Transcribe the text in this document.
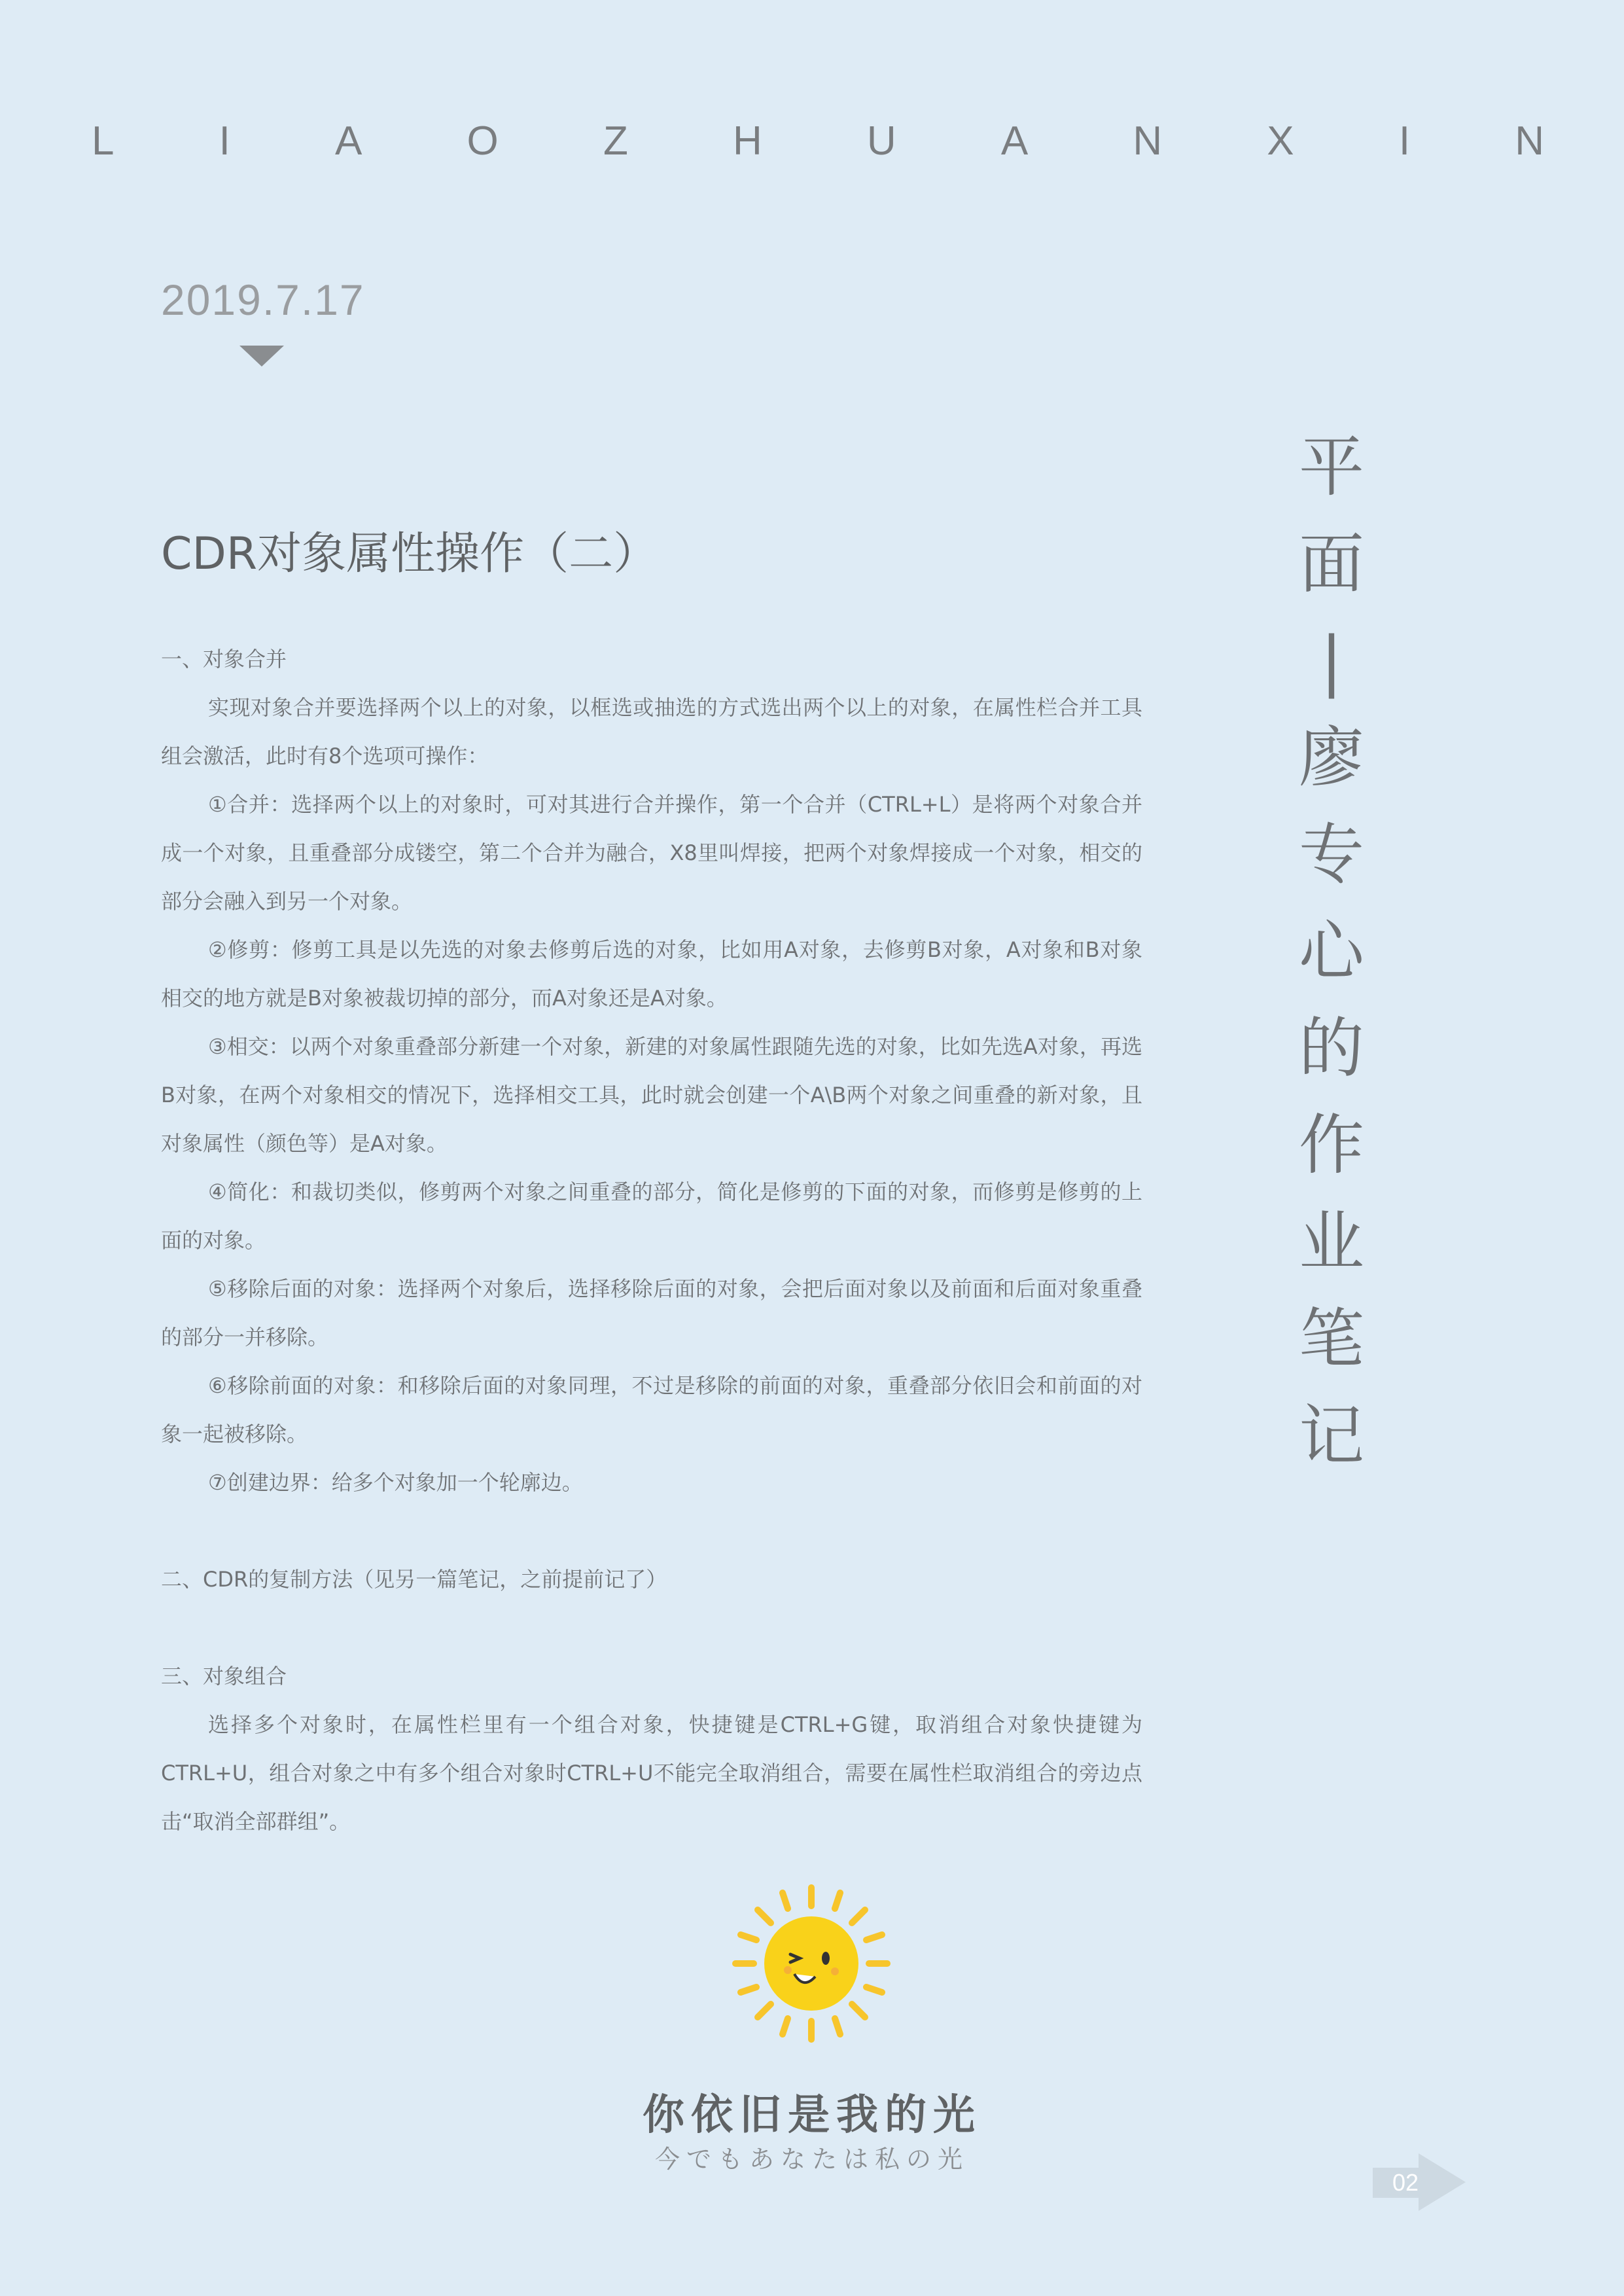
L	I	A	O	Z	H	U	A	N	X	I	N
2019.7.17
CDR对象属性操作（二）

一、对象合并

实现对象合并要选择两个以上的对象，以框选或抽选的方式选出两个以上的对象，在属性栏合并工具组会激活，此时有8个选项可操作：

①合并：选择两个以上的对象时，可对其进行合并操作，第一个合并（CTRL+L）是将两个对象合并成一个对象，且重叠部分成镂空，第二个合并为融合，X8里叫焊接，把两个对象焊接成一个对象，相交的部分会融入到另一个对象。

②修剪：修剪工具是以先选的对象去修剪后选的对象，比如用A对象，去修剪B对象，A对象和B对象相交的地方就是B对象被裁切掉的部分，而A对象还是A对象。

③相交：以两个对象重叠部分新建一个对象，新建的对象属性跟随先选的对象，比如先选A对象，再选B对象，在两个对象相交的情况下，选择相交工具，此时就会创建一个A\B两个对象之间重叠的新对象，且对象属性（颜色等）是A对象。

④简化：和裁切类似，修剪两个对象之间重叠的部分，简化是修剪的下面的对象，而修剪是修剪的上面的对象。

⑤移除后面的对象：选择两个对象后，选择移除后面的对象，会把后面对象以及前面和后面对象重叠的部分一并移除。

⑥移除前面的对象：和移除后面的对象同理，不过是移除的前面的对象，重叠部分依旧会和前面的对象一起被移除。

⑦创建边界：给多个对象加一个轮廓边。

二、CDR的复制方法（见另一篇笔记，之前提前记了）

三、对象组合

选择多个对象时，在属性栏里有一个组合对象，快捷键是CTRL+G键，取消组合对象快捷键为CTRL+U，组合对象之中有多个组合对象时CTRL+U不能完全取消组合，需要在属性栏取消组合的旁边点击“取消全部群组”。

平
面
|
廖
专
心
的
作
业
笔
记
你依旧是我的光
今でもあなたは私の光
02
